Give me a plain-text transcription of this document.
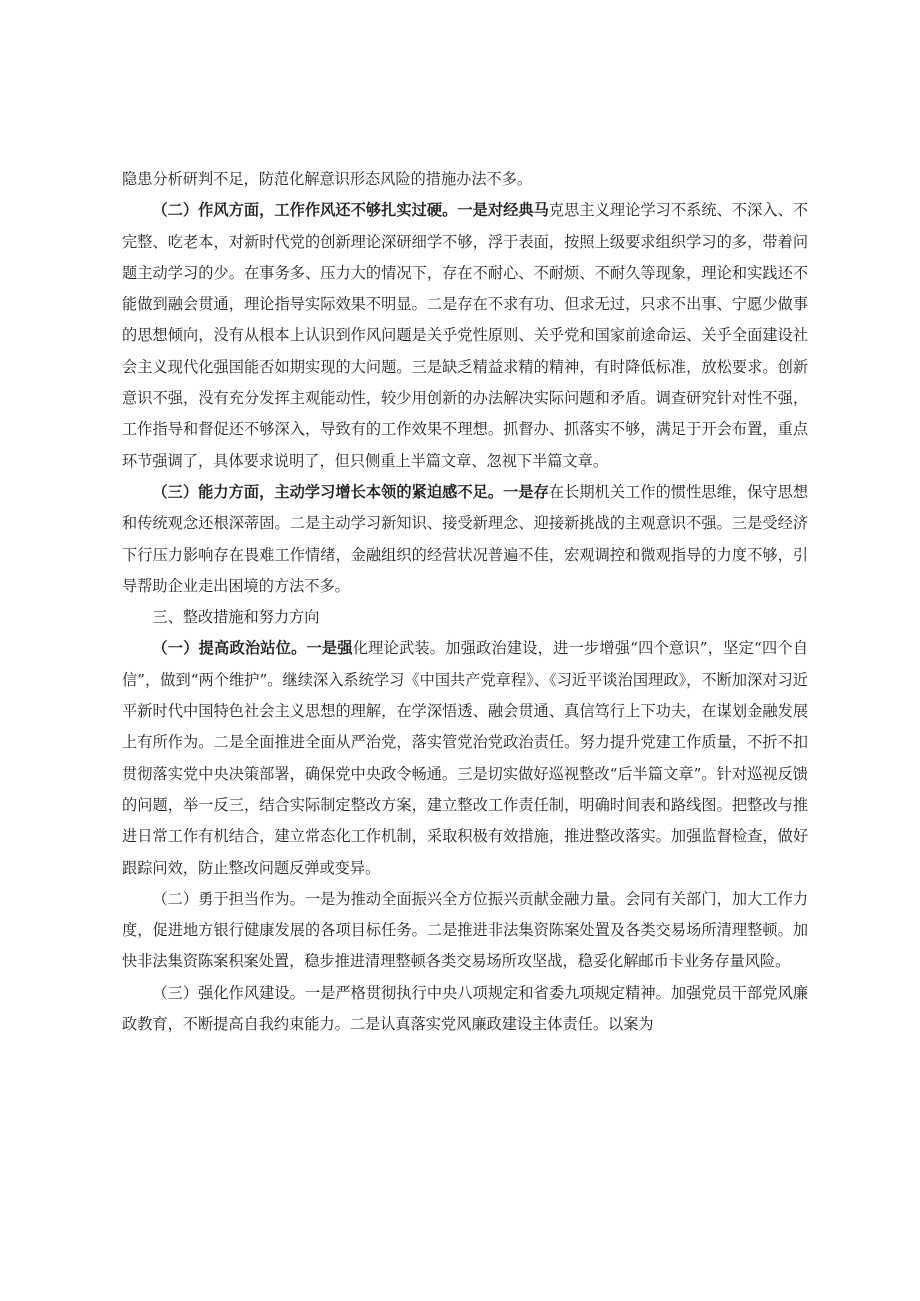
隐患分析研判不足，防范化解意识形态风险的措施办法不多。

（二）作风方面，工作作风还不够扎实过硬。一是对经典马克思主义理论学习不系统、不深入、不完整、吃老本，对新时代党的创新理论深研细学不够，浮于表面，按照上级要求组织学习的多，带着问题主动学习的少。在事务多、压力大的情况下，存在不耐心、不耐烦、不耐久等现象，理论和实践还不能做到融会贯通，理论指导实际效果不明显。二是存在不求有功、但求无过，只求不出事、宁愿少做事的思想倾向，没有从根本上认识到作风问题是关乎党性原则、关乎党和国家前途命运、关乎全面建设社会主义现代化强国能否如期实现的大问题。三是缺乏精益求精的精神，有时降低标准，放松要求。创新意识不强，没有充分发挥主观能动性，较少用创新的办法解决实际问题和矛盾。调查研究针对性不强，工作指导和督促还不够深入，导致有的工作效果不理想。抓督办、抓落实不够，满足于开会布置，重点环节强调了，具体要求说明了，但只侧重上半篇文章、忽视下半篇文章。

（三）能力方面，主动学习增长本领的紧迫感不足。一是存在长期机关工作的惯性思维，保守思想和传统观念还根深蒂固。二是主动学习新知识、接受新理念、迎接新挑战的主观意识不强。三是受经济下行压力影响存在畏难工作情绪，金融组织的经营状况普遍不佳，宏观调控和微观指导的力度不够，引导帮助企业走出困境的方法不多。

三、整改措施和努力方向

（一）提高政治站位。一是强化理论武装。加强政治建设，进一步增强“四个意识”，坚定“四个自信”，做到“两个维护”。继续深入系统学习《中国共产党章程》、《习近平谈治国理政》，不断加深对习近平新时代中国特色社会主义思想的理解，在学深悟透、融会贯通、真信笃行上下功夫，在谋划金融发展上有所作为。二是全面推进全面从严治党，落实管党治党政治责任。努力提升党建工作质量，不折不扣贯彻落实党中央决策部署，确保党中央政令畅通。三是切实做好巡视整改“后半篇文章”。针对巡视反馈的问题，举一反三，结合实际制定整改方案，建立整改工作责任制，明确时间表和路线图。把整改与推进日常工作有机结合，建立常态化工作机制，采取积极有效措施，推进整改落实。加强监督检查，做好跟踪问效，防止整改问题反弹或变异。

（二）勇于担当作为。一是为推动全面振兴全方位振兴贡献金融力量。会同有关部门，加大工作力度，促进地方银行健康发展的各项目标任务。二是推进非法集资陈案处置及各类交易场所清理整顿。加快非法集资陈案积案处置，稳步推进清理整顿各类交易场所攻坚战，稳妥化解邮币卡业务存量风险。

（三）强化作风建设。一是严格贯彻执行中央八项规定和省委九项规定精神。加强党员干部党风廉政教育，不断提高自我约束能力。二是认真落实党风廉政建设主体责任。以案为
